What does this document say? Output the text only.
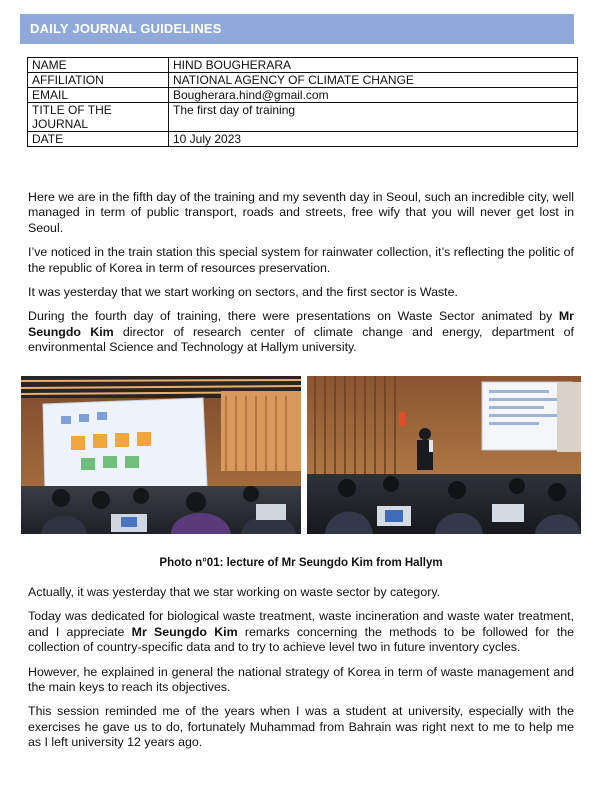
DAILY JOURNAL GUIDELINES
NAME	HIND BOUGHERARA
AFFILIATION	NATIONAL AGENCY OF CLIMATE CHANGE
EMAIL	Bougherara.hind@gmail.com
TITLE OF THE JOURNAL	The first day of training
DATE	10 July 2023

Here we are in the fifth day of the training and my seventh day in Seoul, such an incredible city, well managed in term of public transport, roads and streets, free wify that you will never get lost in Seoul.

I’ve noticed in the train station this special system for rainwater collection, it’s reflecting the politic of the republic of Korea in term of resources preservation.

It was yesterday that we start working on sectors, and the first sector is Waste.

During the fourth day of training, there were presentations on Waste Sector animated by Mr Seungdo Kim director of research center of climate change and energy, department of environmental Science and Technology at Hallym university.

Photo n°01: lecture of Mr Seungdo Kim from Hallym

Actually, it was yesterday that we star working on waste sector by category.

Today was dedicated for biological waste treatment, waste incineration and waste water treatment, and I appreciate Mr Seungdo Kim remarks concerning the methods to be followed for the collection of country-specific data and to try to achieve level two in future inventory cycles.

However, he explained in general the national strategy of Korea in term of waste management and the main keys to reach its objectives.

This session reminded me of the years when I was a student at university, especially with the exercises he gave us to do, fortunately Muhammad from Bahrain was right next to me to help me as I left university 12 years ago.
